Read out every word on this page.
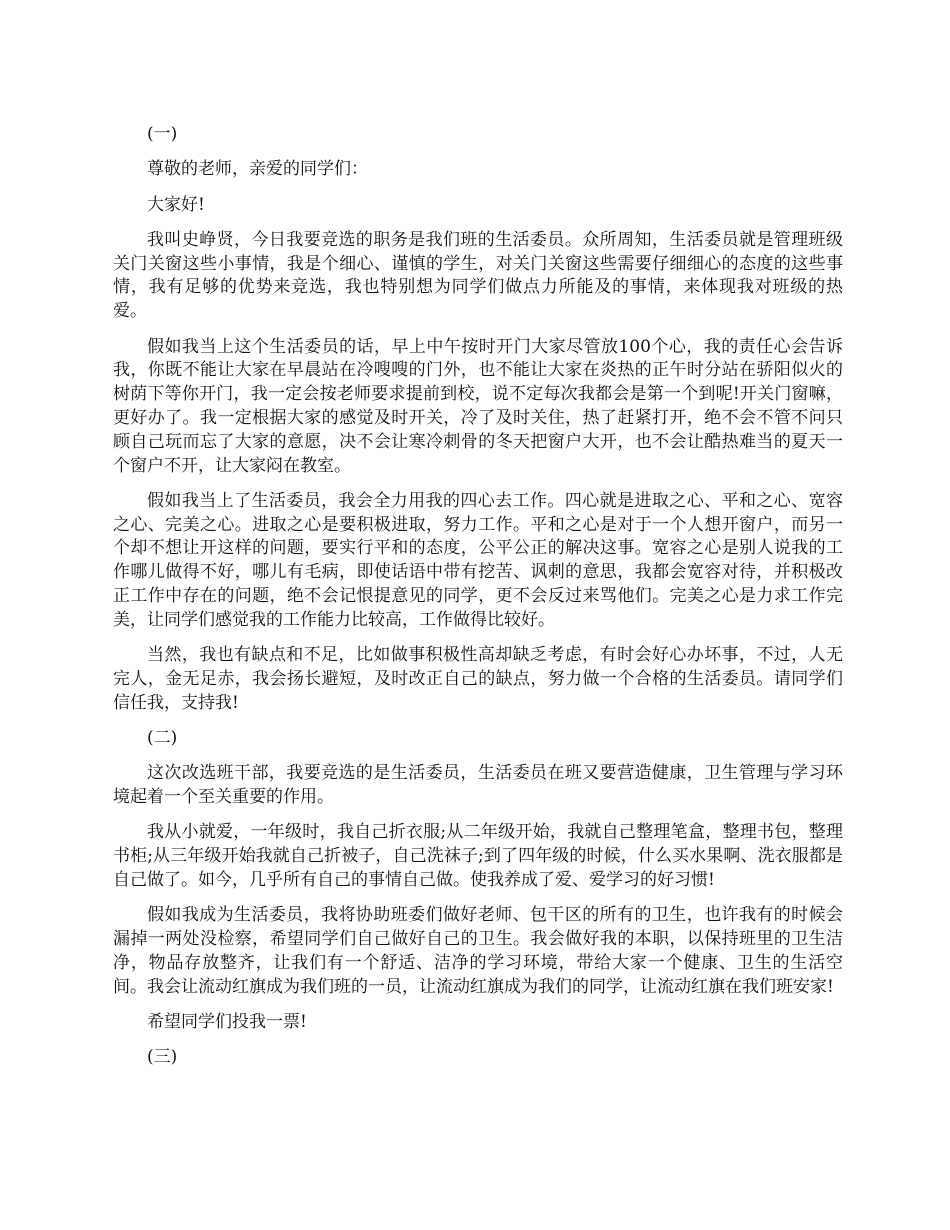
(一)

尊敬的老师，亲爱的同学们：

大家好!

我叫史峥贤，今日我要竞选的职务是我们班的生活委员。众所周知，生活委员就是管理班级关门关窗这些小事情，我是个细心、谨慎的学生，对关门关窗这些需要仔细细心的态度的这些事情，我有足够的优势来竞选，我也特别想为同学们做点力所能及的事情，来体现我对班级的热爱。

假如我当上这个生活委员的话，早上中午按时开门大家尽管放100个心，我的责任心会告诉我，你既不能让大家在早晨站在冷嗖嗖的门外，也不能让大家在炎热的正午时分站在骄阳似火的树荫下等你开门，我一定会按老师要求提前到校，说不定每次我都会是第一个到呢!开关门窗嘛，更好办了。我一定根据大家的感觉及时开关，冷了及时关住，热了赶紧打开，绝不会不管不问只顾自己玩而忘了大家的意愿，决不会让寒冷刺骨的冬天把窗户大开，也不会让酷热难当的夏天一个窗户不开，让大家闷在教室。

假如我当上了生活委员，我会全力用我的四心去工作。四心就是进取之心、平和之心、宽容之心、完美之心。进取之心是要积极进取，努力工作。平和之心是对于一个人想开窗户，而另一个却不想让开这样的问题，要实行平和的态度，公平公正的解决这事。宽容之心是别人说我的工作哪儿做得不好，哪儿有毛病，即使话语中带有挖苦、讽刺的意思，我都会宽容对待，并积极改正工作中存在的问题，绝不会记恨提意见的同学，更不会反过来骂他们。完美之心是力求工作完美，让同学们感觉我的工作能力比较高，工作做得比较好。

当然，我也有缺点和不足，比如做事积极性高却缺乏考虑，有时会好心办坏事，不过，人无完人，金无足赤，我会扬长避短，及时改正自己的缺点，努力做一个合格的生活委员。请同学们信任我，支持我!

(二)

这次改选班干部，我要竞选的是生活委员，生活委员在班又要营造健康，卫生管理与学习环境起着一个至关重要的作用。

我从小就爱，一年级时，我自己折衣服;从二年级开始，我就自己整理笔盒，整理书包，整理书柜;从三年级开始我就自己折被子，自己洗袜子;到了四年级的时候，什么买水果啊、洗衣服都是自己做了。如今，几乎所有自己的事情自己做。使我养成了爱、爱学习的好习惯!

假如我成为生活委员，我将协助班委们做好老师、包干区的所有的卫生，也许我有的时候会漏掉一两处没检察，希望同学们自己做好自己的卫生。我会做好我的本职，以保持班里的卫生洁净，物品存放整齐，让我们有一个舒适、洁净的学习环境，带给大家一个健康、卫生的生活空间。我会让流动红旗成为我们班的一员，让流动红旗成为我们的同学，让流动红旗在我们班安家!

希望同学们投我一票!

(三)
